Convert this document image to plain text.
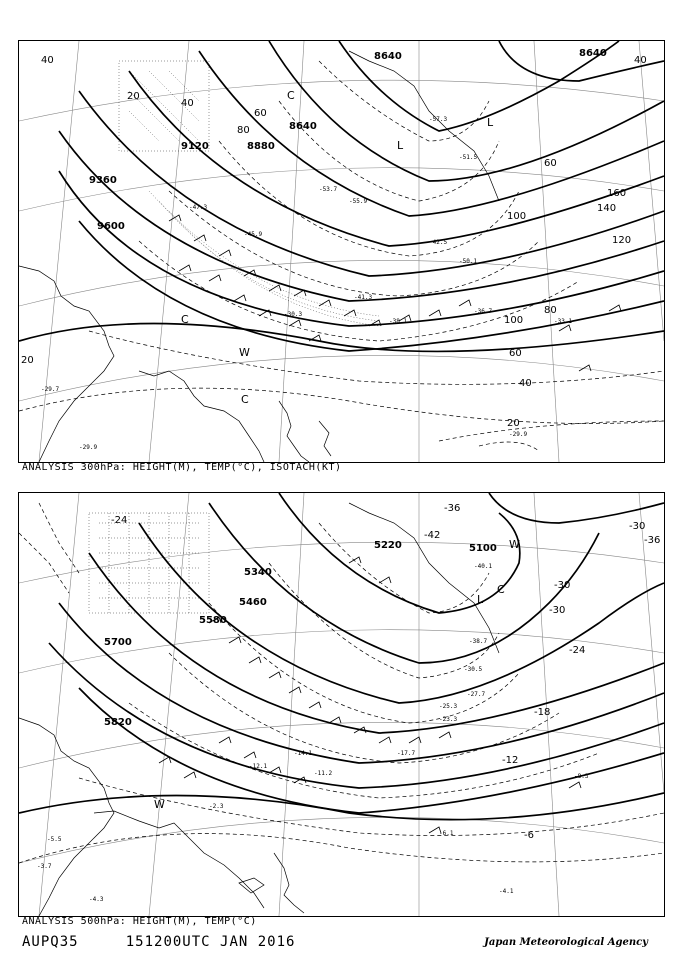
8640	8640
8640
8880
9120
9360
9600
40
20
40
60
80
100
120
140
160
40
60
80
100
40
60
20
20
L
L
C
C
C
W
-57.3
-55.9
-53.7
-51.5
-50.1
-47.3
-45.9
-42.5
-41.3
-38.1
-36.7
-33.1
-30.3
-29.9
-29.7
-29.9
ANALYSIS 300hPa: HEIGHT(M), TEMP(°C), ISOTACH(KT)
5100
5220
5340
5460
5580
5700
5820
-24
-36
-42
-30
-36
-30
-24
-18
-12
-6
-30
L
C
W
W
-40.1
-38.7
-30.5
-27.7
-25.3
-23.3
-17.7
-14.1
-12.1
-11.2	-8.3
-6.1
-2.3
-4.1
-4.3
-3.7
-5.5
ANALYSIS 500hPa: HEIGHT(M), TEMP(°C)
AUPQ35	151200UTC JAN 2016	Japan Meteorological Agency
